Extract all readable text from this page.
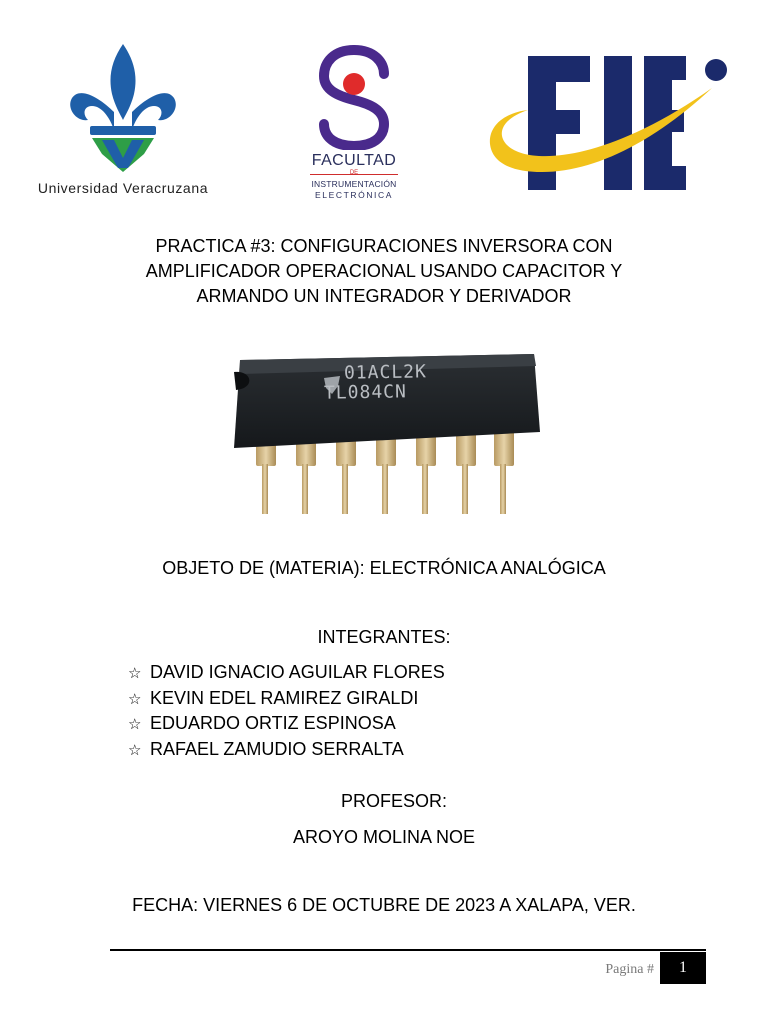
Universidad Veracruzana
FACULTAD
DE
INSTRUMENTACIÓN
ELECTRÓNICA
PRACTICA #3: CONFIGURACIONES INVERSORA CON
AMPLIFICADOR OPERACIONAL USANDO CAPACITOR Y
ARMANDO UN INTEGRADOR Y DERIVADOR
01ACL2K
TL084CN
OBJETO DE (MATERIA): ELECTRÓNICA ANALÓGICA
INTEGRANTES:
☆ DAVID IGNACIO AGUILAR FLORES
☆ KEVIN EDEL RAMIREZ GIRALDI
☆ EDUARDO ORTIZ ESPINOSA
☆ RAFAEL ZAMUDIO SERRALTA
PROFESOR:
AROYO MOLINA NOE
FECHA: VIERNES 6 DE OCTUBRE DE 2023 A XALAPA, VER.
Pagina #	1
